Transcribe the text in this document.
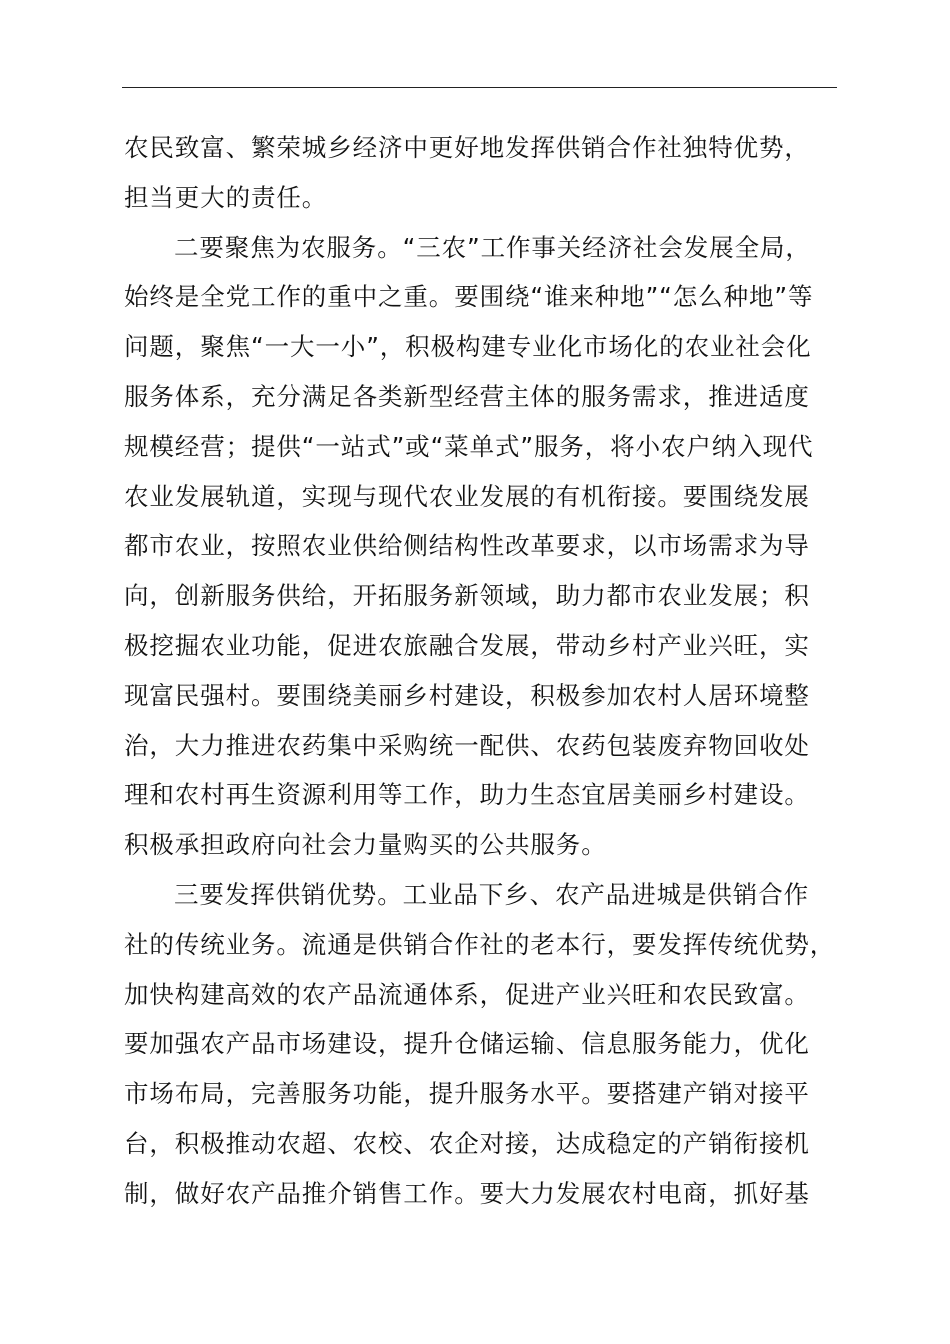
农民致富、繁荣城乡经济中更好地发挥供销合作社独特优势，
担当更大的责任。
二要聚焦为农服务。“三农”工作事关经济社会发展全局，
始终是全党工作的重中之重。要围绕“谁来种地”“怎么种地”等
问题，聚焦“一大一小”，积极构建专业化市场化的农业社会化
服务体系，充分满足各类新型经营主体的服务需求，推进适度
规模经营；提供“一站式”或“菜单式”服务，将小农户纳入现代
农业发展轨道，实现与现代农业发展的有机衔接。要围绕发展
都市农业，按照农业供给侧结构性改革要求，以市场需求为导
向，创新服务供给，开拓服务新领域，助力都市农业发展；积
极挖掘农业功能，促进农旅融合发展，带动乡村产业兴旺，实
现富民强村。要围绕美丽乡村建设，积极参加农村人居环境整
治，大力推进农药集中采购统一配供、农药包装废弃物回收处
理和农村再生资源利用等工作，助力生态宜居美丽乡村建设。
积极承担政府向社会力量购买的公共服务。
三要发挥供销优势。工业品下乡、农产品进城是供销合作
社的传统业务。流通是供销合作社的老本行，要发挥传统优势，
加快构建高效的农产品流通体系，促进产业兴旺和农民致富。
要加强农产品市场建设，提升仓储运输、信息服务能力，优化
市场布局，完善服务功能，提升服务水平。要搭建产销对接平
台，积极推动农超、农校、农企对接，达成稳定的产销衔接机
制，做好农产品推介销售工作。要大力发展农村电商，抓好基
